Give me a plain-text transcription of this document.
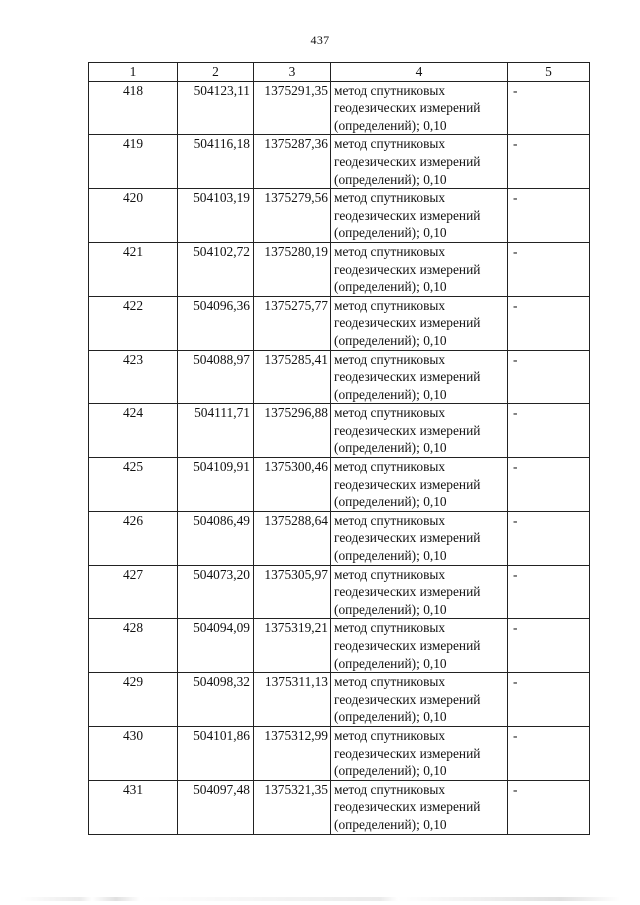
437
1	2	3	4	5
418	504123,11	1375291,35	метод спутниковых геодезических измерений (определений); 0,10	-
419	504116,18	1375287,36	метод спутниковых геодезических измерений (определений); 0,10	-
420	504103,19	1375279,56	метод спутниковых геодезических измерений (определений); 0,10	-
421	504102,72	1375280,19	метод спутниковых геодезических измерений (определений); 0,10	-
422	504096,36	1375275,77	метод спутниковых геодезических измерений (определений); 0,10	-
423	504088,97	1375285,41	метод спутниковых геодезических измерений (определений); 0,10	-
424	504111,71	1375296,88	метод спутниковых геодезических измерений (определений); 0,10	-
425	504109,91	1375300,46	метод спутниковых геодезических измерений (определений); 0,10	-
426	504086,49	1375288,64	метод спутниковых геодезических измерений (определений); 0,10	-
427	504073,20	1375305,97	метод спутниковых геодезических измерений (определений); 0,10	-
428	504094,09	1375319,21	метод спутниковых геодезических измерений (определений); 0,10	-
429	504098,32	1375311,13	метод спутниковых геодезических измерений (определений); 0,10	-
430	504101,86	1375312,99	метод спутниковых геодезических измерений (определений); 0,10	-
431	504097,48	1375321,35	метод спутниковых геодезических измерений (определений); 0,10	-
